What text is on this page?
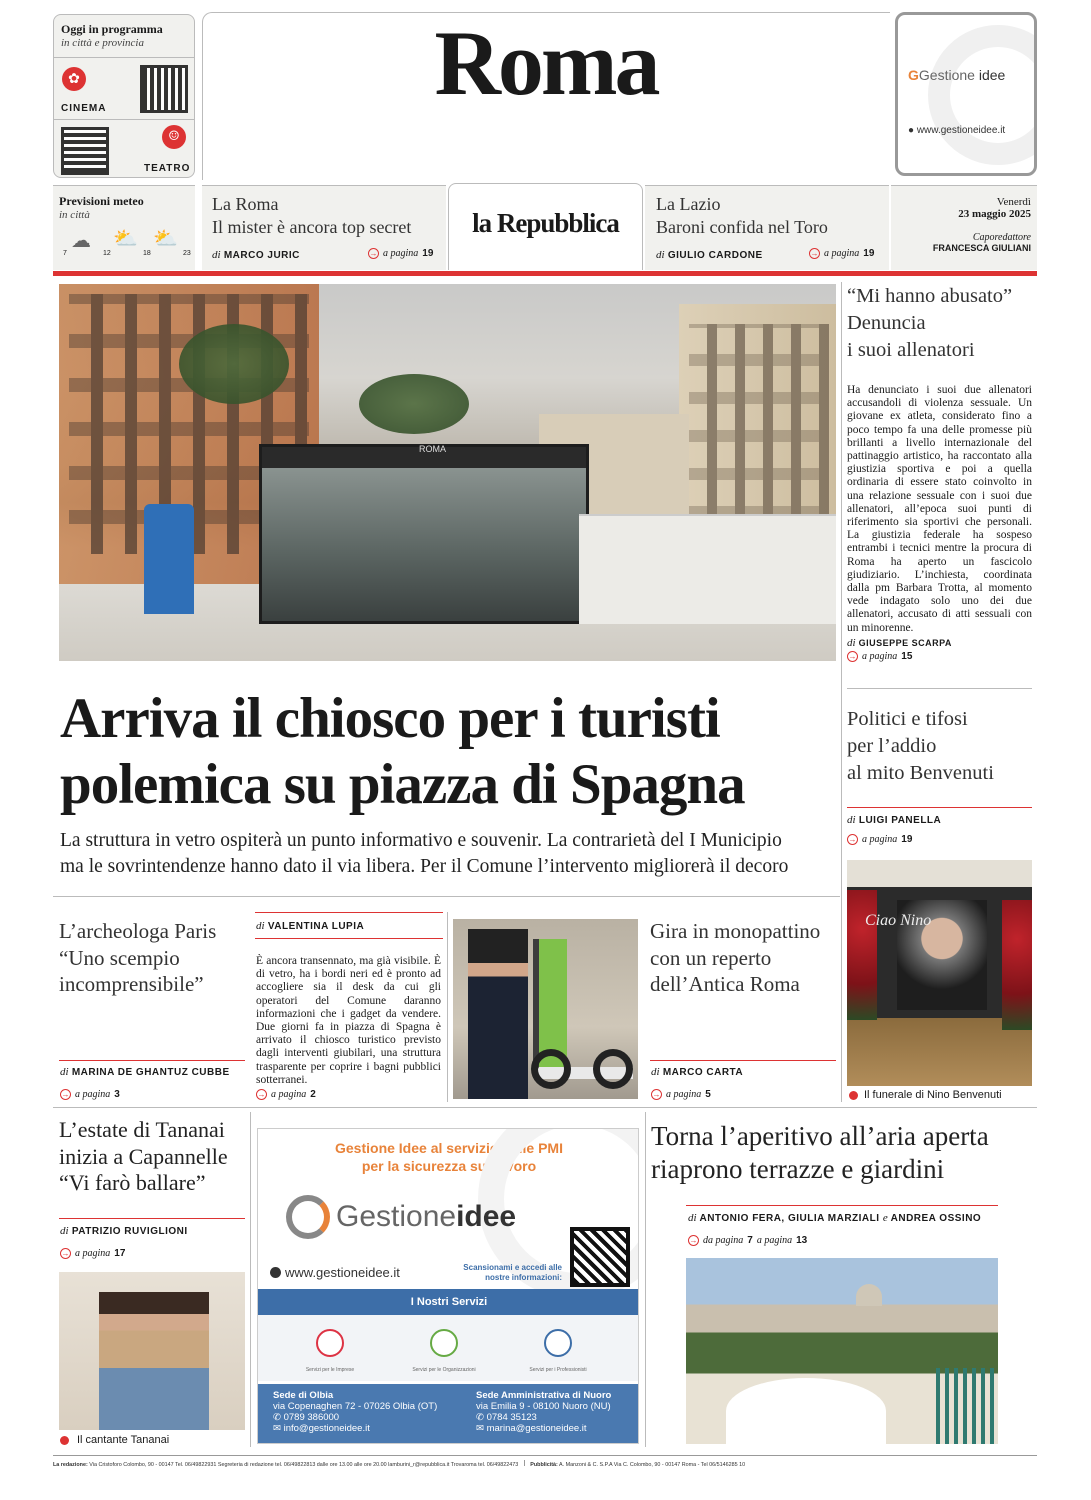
Oggi in programma
in città e provincia
✿
CINEMA
☺
TEATRO
Roma	GGestione idee
● www.gestioneidee.it
Previsioni meteo
in città
☁ ⛅ ⛅
7	12	18	23
La Roma
Il mister è ancora top secret
di MARCO JURIC	→ a pagina 19
la Repubblica
La Lazio
Baroni confida nel Toro
di GIULIO CARDONE	→ a pagina 19
Venerdì
23 maggio 2025
Caporedattore
FRANCESCA GIULIANI
ROMA
Arriva il chiosco per i turisti
polemica su piazza di Spagna
La struttura in vetro ospiterà un punto informativo e souvenir. La contrarietà del I Municipio
ma le sovrintendenze hanno dato il via libera. Per il Comune l’intervento migliorerà il decoro
“Mi hanno abusato”
Denuncia
i suoi allenatori
Ha denunciato i suoi due allenatori accusandoli di violenza sessuale. Un giovane ex atleta, considerato fino a poco tempo fa una delle promesse più brillanti a livello internazionale del pattinaggio artistico, ha raccontato alla giustizia sportiva e poi a quella ordinaria di essere stato coinvolto in una relazione sessuale con i suoi due allenatori, all’epoca suoi punti di riferimento sia sportivi che personali. La giustizia federale ha sospeso entrambi i tecnici mentre la procura di Roma ha aperto un fascicolo giudiziario. L’inchiesta, coordinata dalla pm Barbara Trotta, al momento vede indagato solo uno dei due allenatori, accusato di atti sessuali con un minorenne.
di GIUSEPPE SCARPA
→ a pagina 15
Politici e tifosi
per l’addio
al mito Benvenuti
di LUIGI PANELLA
→ a pagina 19
Ciao Nino
Il funerale di Nino Benvenuti
L’archeologa Paris
“Uno scempio
incomprensibile”
di MARINA DE GHANTUZ CUBBE
→ a pagina 3
di VALENTINA LUPIA
È ancora transennato, ma già visibile. È di vetro, ha i bordi neri ed è pronto ad accogliere sia il desk da cui gli operatori del Comune daranno informazioni che i gadget da vendere. Due giorni fa in piazza di Spagna è arrivato il chiosco turistico previsto dagli interventi giubilari, una struttura trasparente per coprire i bagni pubblici sotterranei.
→ a pagina 2
Gira in monopattino
con un reperto
dell’Antica Roma
di MARCO CARTA
→ a pagina 5
L’estate di Tananai
inizia a Capannelle
“Vi farò ballare”
di PATRIZIO RUVIGLIONI
→ a pagina 17
Il cantante Tananai
Gestione Idee al servizio delle PMI
per la sicurezza sul lavoro
Gestione idee
www.gestioneidee.it	Scansionami e accedi alle
nostre informazioni:
I Nostri Servizi
Servizi per le Imprese	Servizi per le Organizzazioni	Servizi per i Professionisti
Sede di Olbia
via Copenaghen 72 - 07026 Olbia (OT)
✆ 0789 386000
✉ info@gestioneidee.it
Sede Amministrativa di Nuoro
via Emilia 9 - 08100 Nuoro (NU)
✆ 0784 35123
✉ marina@gestioneidee.it
Torna l’aperitivo all’aria aperta
riaprono terrazze e giardini
di ANTONIO FERA, GIULIA MARZIALI e ANDREA OSSINO
→ da pagina 7 a pagina 13
La redazione: Via Cristoforo Colombo, 90 - 00147 Tel. 06/49822931 Segreteria di redazione tel. 06/49822813 dalle ore 13.00 alle ore 20.00 lamburini_r@repubblica.it Trovaroma tel. 06/49822473 Pubblicità: A. Manzoni & C. S.P.A Via C. Colombo, 90 - 00147 Roma - Tel 06/5146285 10
